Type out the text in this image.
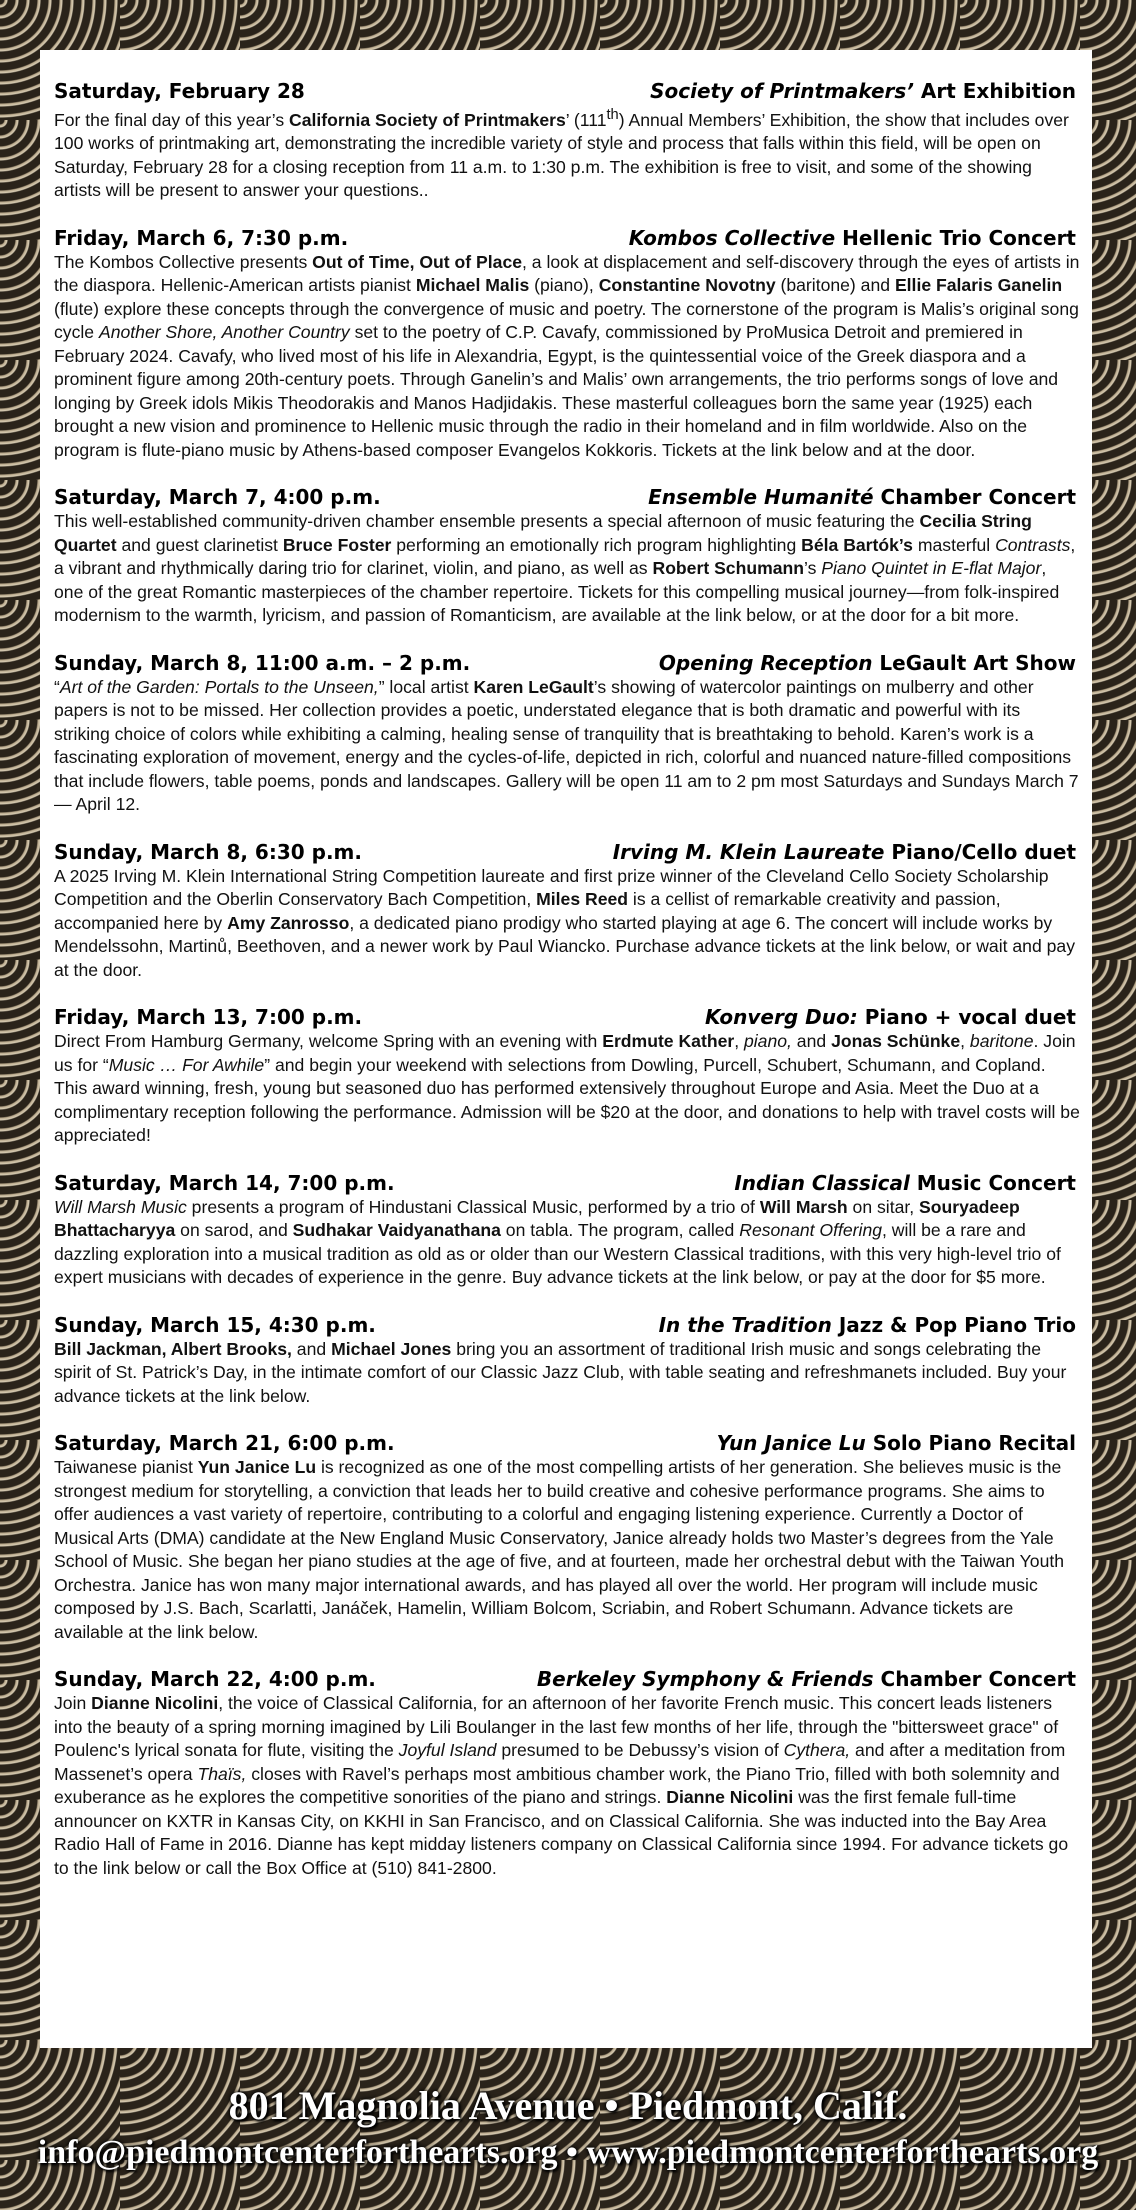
Saturday, February 28	Society of Printmakers’ Art Exhibition

For the final day of this year’s California Society of Printmakers’ (111th) Annual Members’ Exhibition, the show that includes over 100 works of printmaking art, demonstrating the incredible variety of style and process that falls within this field, will be open on Saturday, February 28 for a closing reception from 11 a.m. to 1:30 p.m. The exhibition is free to visit, and some of the showing artists will be present to answer your questions..

Friday, March 6, 7:30 p.m.	Kombos Collective Hellenic Trio Concert

The Kombos Collective presents Out of Time, Out of Place, a look at displacement and self-discovery through the eyes of artists in the diaspora. Hellenic-American artists pianist Michael Malis (piano), Constantine Novotny (baritone) and Ellie Falaris Ganelin (flute) explore these concepts through the convergence of music and poetry. The cornerstone of the program is Malis’s original song cycle Another Shore, Another Country set to the poetry of C.P. Cavafy, commissioned by ProMusica Detroit and premiered in February 2024. Cavafy, who lived most of his life in Alexandria, Egypt, is the quintessential voice of the Greek diaspora and a prominent figure among 20th-century poets. Through Ganelin’s and Malis’ own arrangements, the trio performs songs of love and longing by Greek idols Mikis Theodorakis and Manos Hadjidakis. These masterful colleagues born the same year (1925) each brought a new vision and prominence to Hellenic music through the radio in their homeland and in film worldwide. Also on the program is flute-piano music by Athens-based composer Evangelos Kokkoris. Tickets at the link below and at the door.

Saturday, March 7, 4:00 p.m.	Ensemble Humanité Chamber Concert

This well-established community-driven chamber ensemble presents a special afternoon of music featuring the Cecilia String Quartet and guest clarinetist Bruce Foster performing an emotionally rich program highlighting Béla Bartók’s masterful Contrasts, a vibrant and rhythmically daring trio for clarinet, violin, and piano, as well as Robert Schumann’s Piano Quintet in E-flat Major, one of the great Romantic masterpieces of the chamber repertoire. Tickets for this compelling musical journey—from folk-inspired modernism to the warmth, lyricism, and passion of Romanticism, are available at the link below, or at the door for a bit more.

Sunday, March 8, 11:00 a.m. – 2 p.m.	Opening Reception LeGault Art Show

“Art of the Garden: Portals to the Unseen,” local artist Karen LeGault’s showing of watercolor paintings on mulberry and other papers is not to be missed. Her collection provides a poetic, understated elegance that is both dramatic and powerful with its striking choice of colors while exhibiting a calming, healing sense of tranquility that is breathtaking to behold. Karen’s work is a fascinating exploration of movement, energy and the cycles-of-life, depicted in rich, colorful and nuanced nature-filled compositions that include flowers, table poems, ponds and landscapes. Gallery will be open 11 am to 2 pm most Saturdays and Sundays March 7 — April 12.

Sunday, March 8, 6:30 p.m.	Irving M. Klein Laureate Piano/Cello duet

A 2025 Irving M. Klein International String Competition laureate and first prize winner of the Cleveland Cello Society Scholarship Competition and the Oberlin Conservatory Bach Competition, Miles Reed is a cellist of remarkable creativity and passion, accompanied here by Amy Zanrosso, a dedicated piano prodigy who started playing at age 6. The concert will include works by Mendelssohn, Martinů, Beethoven, and a newer work by Paul Wiancko. Purchase advance tickets at the link below, or wait and pay at the door.

Friday, March 13, 7:00 p.m.	Konverg Duo: Piano + vocal duet

Direct From Hamburg Germany, welcome Spring with an evening with Erdmute Kather, piano, and Jonas Schünke, baritone. Join us for “Music … For Awhile” and begin your weekend with selections from Dowling, Purcell, Schubert, Schumann, and Copland. This award winning, fresh, young but seasoned duo has performed extensively throughout Europe and Asia. Meet the Duo at a complimentary reception following the performance. Admission will be $20 at the door, and donations to help with travel costs will be appreciated!

Saturday, March 14, 7:00 p.m.	Indian Classical Music Concert

Will Marsh Music presents a program of Hindustani Classical Music, performed by a trio of Will Marsh on sitar, Souryadeep Bhattacharyya on sarod, and Sudhakar Vaidyanathana on tabla. The program, called Resonant Offering, will be a rare and dazzling exploration into a musical tradition as old as or older than our Western Classical traditions, with this very high-level trio of expert musicians with decades of experience in the genre. Buy advance tickets at the link below, or pay at the door for $5 more.

Sunday, March 15, 4:30 p.m.	In the Tradition Jazz & Pop Piano Trio

Bill Jackman, Albert Brooks, and Michael Jones bring you an assortment of traditional Irish music and songs celebrating the spirit of St. Patrick’s Day, in the intimate comfort of our Classic Jazz Club, with table seating and refreshmanets included. Buy your advance tickets at the link below.

Saturday, March 21, 6:00 p.m.	Yun Janice Lu Solo Piano Recital

Taiwanese pianist Yun Janice Lu is recognized as one of the most compelling artists of her generation. She believes music is the strongest medium for storytelling, a conviction that leads her to build creative and cohesive performance programs. She aims to offer audiences a vast variety of repertoire, contributing to a colorful and engaging listening experience. Currently a Doctor of Musical Arts (DMA) candidate at the New England Music Conservatory, Janice already holds two Master’s degrees from the Yale School of Music. She began her piano studies at the age of five, and at fourteen, made her orchestral debut with the Taiwan Youth Orchestra. Janice has won many major international awards, and has played all over the world. Her program will include music composed by J.S. Bach, Scarlatti, Janáček, Hamelin, William Bolcom, Scriabin, and Robert Schumann. Advance tickets are available at the link below.

Sunday, March 22, 4:00 p.m.	Berkeley Symphony & Friends Chamber Concert

Join Dianne Nicolini, the voice of Classical California, for an afternoon of her favorite French music. This concert leads listeners into the beauty of a spring morning imagined by Lili Boulanger in the last few months of her life, through the "bittersweet grace" of Poulenc's lyrical sonata for flute, visiting the Joyful Island presumed to be Debussy’s vision of Cythera, and after a meditation from Massenet’s opera Thaïs, closes with Ravel’s perhaps most ambitious chamber work, the Piano Trio, filled with both solemnity and exuberance as he explores the competitive sonorities of the piano and strings. Dianne Nicolini was the first female full-time announcer on KXTR in Kansas City, on KKHI in San Francisco, and on Classical California. She was inducted into the Bay Area Radio Hall of Fame in 2016. Dianne has kept midday listeners company on Classical California since 1994. For advance tickets go to the link below or call the Box Office at (510) 841-2800.

801 Magnolia Avenue • Piedmont, Calif.
info@piedmontcenterforthearts.org • www.piedmontcenterforthearts.org
